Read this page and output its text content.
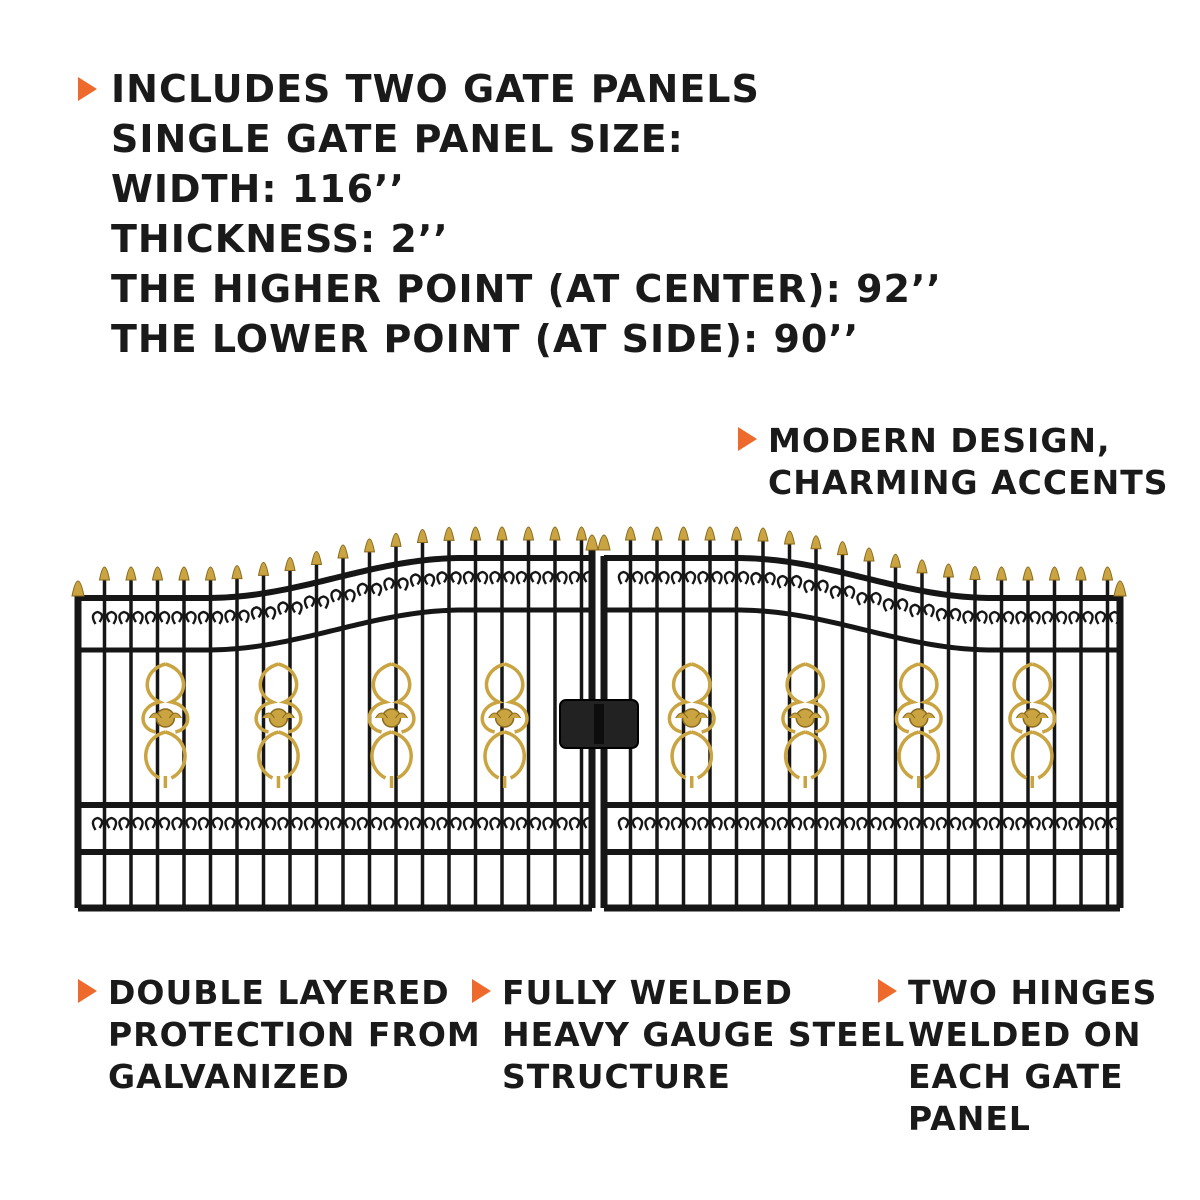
INCLUDES TWO GATE PANELS
SINGLE GATE PANEL SIZE:
WIDTH: 116’’
THICKNESS: 2’’
THE HIGHER POINT (AT CENTER): 92’’
THE LOWER POINT (AT SIDE): 90’’
MODERN DESIGN,
CHARMING ACCENTS
DOUBLE LAYERED
PROTECTION FROM
GALVANIZED
FULLY WELDED
HEAVY GAUGE STEEL
STRUCTURE
TWO HINGES
WELDED ON
EACH GATE
PANEL
